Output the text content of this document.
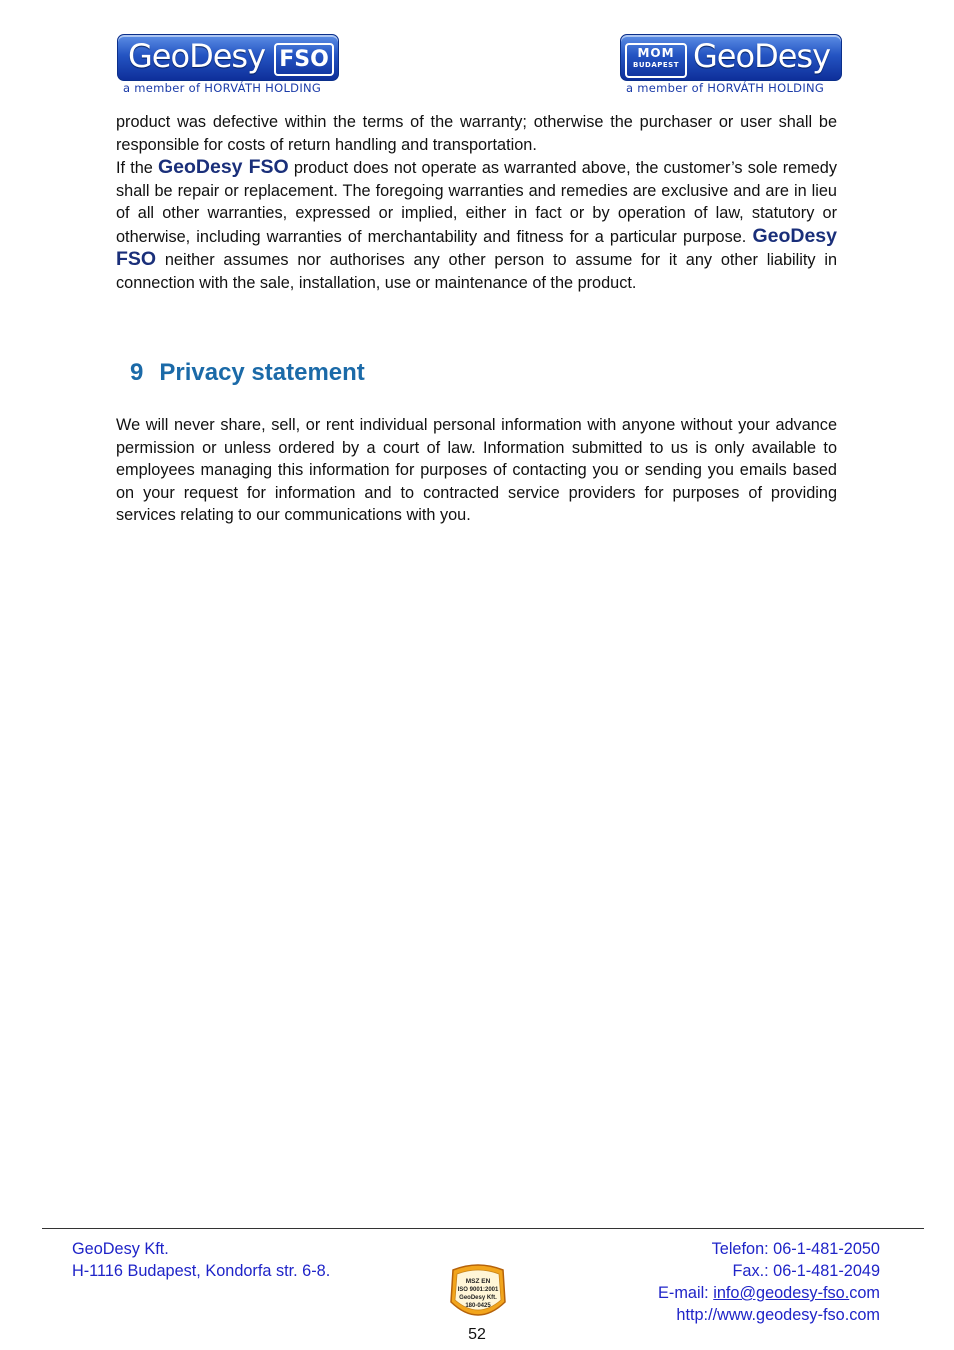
GeoDesy FSO
a member of HORVÁTH HOLDING
MOM
BUDAPEST GeoDesy
a member of HORVÁTH HOLDING

product was defective within the terms of the warranty; otherwise the purchaser or user shall be responsible for costs of return handling and transportation.

If the GeoDesy FSO product does not operate as warranted above, the customer’s sole remedy shall be repair or replacement. The foregoing warranties and remedies are exclusive and are in lieu of all other warranties, expressed or implied, either in fact or by operation of law, statutory or otherwise, including warranties of merchantability and fitness for a particular purpose. GeoDesy FSO neither assumes nor authorises any other person to assume for it any other liability in connection with the sale, installation, use or maintenance of the product.

9 Privacy statement

We will never share, sell, or rent individual personal information with anyone without your advance permission or unless ordered by a court of law. Information submitted to us is only available to employees managing this information for purposes of contacting you or sending you emails based on your request for information and to contracted service providers for purposes of providing services relating to our communications with you.

GeoDesy Kft.
H-1116 Budapest, Kondorfa str. 6-8.
Telefon: 06-1-481-2050
Fax.: 06-1-481-2049
E-mail: info@geodesy-fso.com
http://www.geodesy-fso.com
MSZ EN
ISO 9001:2001
GeoDesy Kft.
180-0425
52
